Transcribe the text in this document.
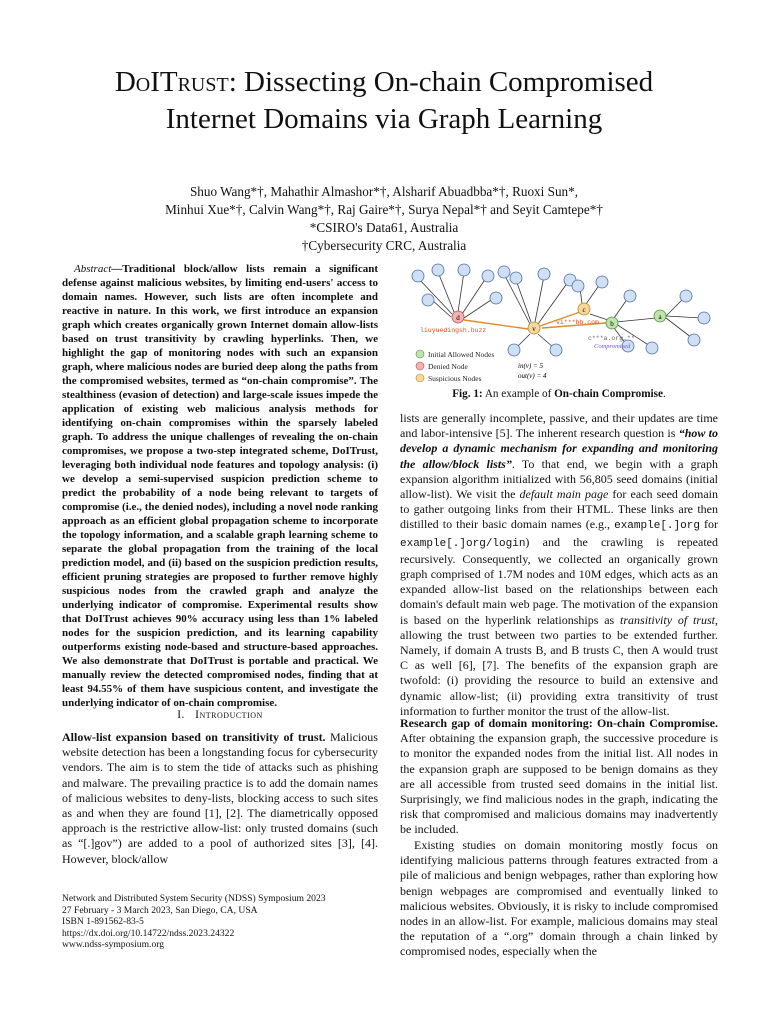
DoITrust: Dissecting On-chain Compromised
Internet Domains via Graph Learning
Shuo Wang*†, Mahathir Almashor*†, Alsharif Abuadbba*†, Ruoxi Sun*,
Minhui Xue*†, Calvin Wang*†, Raj Gaire*†, Surya Nepal*† and Seyit Camtepe*†
*CSIRO's Data61, Australia
†Cybersecurity CRC, Australia

Abstract—Traditional block/allow lists remain a significant defense against malicious websites, by limiting end-users' access to domain names. However, such lists are often incomplete and reactive in nature. In this work, we first introduce an expansion graph which creates organically grown Internet domain allow-lists based on trust transitivity by crawling hyperlinks. Then, we highlight the gap of monitoring nodes with such an expansion graph, where malicious nodes are buried deep along the paths from the compromised websites, termed as “on-chain compromise”. The stealthiness (evasion of detection) and large-scale issues impede the application of existing web malicious analysis methods for identifying on-chain compromises within the sparsely labeled graph. To address the unique challenges of revealing the on-chain compromises, we propose a two-step integrated scheme, DoITrust, leveraging both individual node features and topology analysis: (i) we develop a semi-supervised suspicion prediction scheme to predict the probability of a node being relevant to targets of compromise (i.e., the denied nodes), including a novel node ranking approach as an efficient global propagation scheme to incorporate the topology information, and a scalable graph learning scheme to separate the global propagation from the training of the local prediction model, and (ii) based on the suspicion prediction results, efficient pruning strategies are proposed to further remove highly suspicious nodes from the crawled graph and analyze the underlying indicator of compromise. Experimental results show that DoITrust achieves 90% accuracy using less than 1% labeled nodes for the suspicion prediction, and its learning capability outperforms existing node-based and structure-based approaches. We also demonstrate that DoITrust is portable and practical. We manually review the detected compromised nodes, finding that at least 94.55% of them have suspicious content, and investigate the underlying indicator of on-chain compromise.

I. Introduction

Allow-list expansion based on transitivity of trust. Malicious website detection has been a longstanding focus for cybersecurity vendors. The aim is to stem the tide of attacks such as phishing and malware. The prevailing practice is to add the domain names of malicious websites to deny-lists, blocking access to such sites as and when they are found [1], [2]. The diametrically opposed approach is the restrictive allow-list: only trusted domains (such as “[.]gov”) are added to a pool of authorized sites [3], [4]. However, block/allow

Network and Distributed System Security (NDSS) Symposium 2023
27 February - 3 March 2023, San Diego, CA, USA
ISBN 1-891562-83-5
https://dx.doi.org/10.14722/ndss.2023.24322
www.ndss-symposium.org
d
v
c
b
a
liuyuedingsh.buzz
vi***bb.com
c***a.org.**
Compromised
Initial Allowed Nodes
Denied Node
Suspicious Nodes
in(v) = 5
out(v) = 4
Fig. 1: An example of On-chain Compromise.

lists are generally incomplete, passive, and their updates are time and labor-intensive [5]. The inherent research question is “how to develop a dynamic mechanism for expanding and monitoring the allow/block lists”. To that end, we begin with a graph expansion algorithm initialized with 56,805 seed domains (initial allow-list). We visit the default main page for each seed domain to gather outgoing links from their HTML. These links are then distilled to their basic domain names (e.g., example[.]org for example[.]org/login) and the crawling is repeated recursively. Consequently, we collected an organically grown graph comprised of 1.7M nodes and 10M edges, which acts as an expanded allow-list based on the relationships between each domain's default main web page. The motivation of the expansion is based on the hyperlink relationships as transitivity of trust, allowing the trust between two parties to be extended further. Namely, if domain A trusts B, and B trusts C, then A would trust C as well [6], [7]. The benefits of the expansion graph are twofold: (i) providing the resource to build an extensive and dynamic allow-list; (ii) providing extra transitivity of trust information to further monitor the trust of the allow-list.

Research gap of domain monitoring: On-chain Compromise. After obtaining the expansion graph, the successive procedure is to monitor the expanded nodes from the initial list. All nodes in the expansion graph are supposed to be benign domains as they are all accessible from trusted seed domains in the initial list. Surprisingly, we find malicious nodes in the graph, indicating the risk that compromised and malicious domains may inadvertently be included.

Existing studies on domain monitoring mostly focus on identifying malicious patterns through features extracted from a pile of malicious and benign webpages, rather than exploring how benign webpages are compromised and eventually linked to malicious websites. Obviously, it is risky to include compromised nodes in an allow-list. For example, malicious domains may steal the reputation of a “.org” domain through a chain linked by compromised nodes, especially when the
